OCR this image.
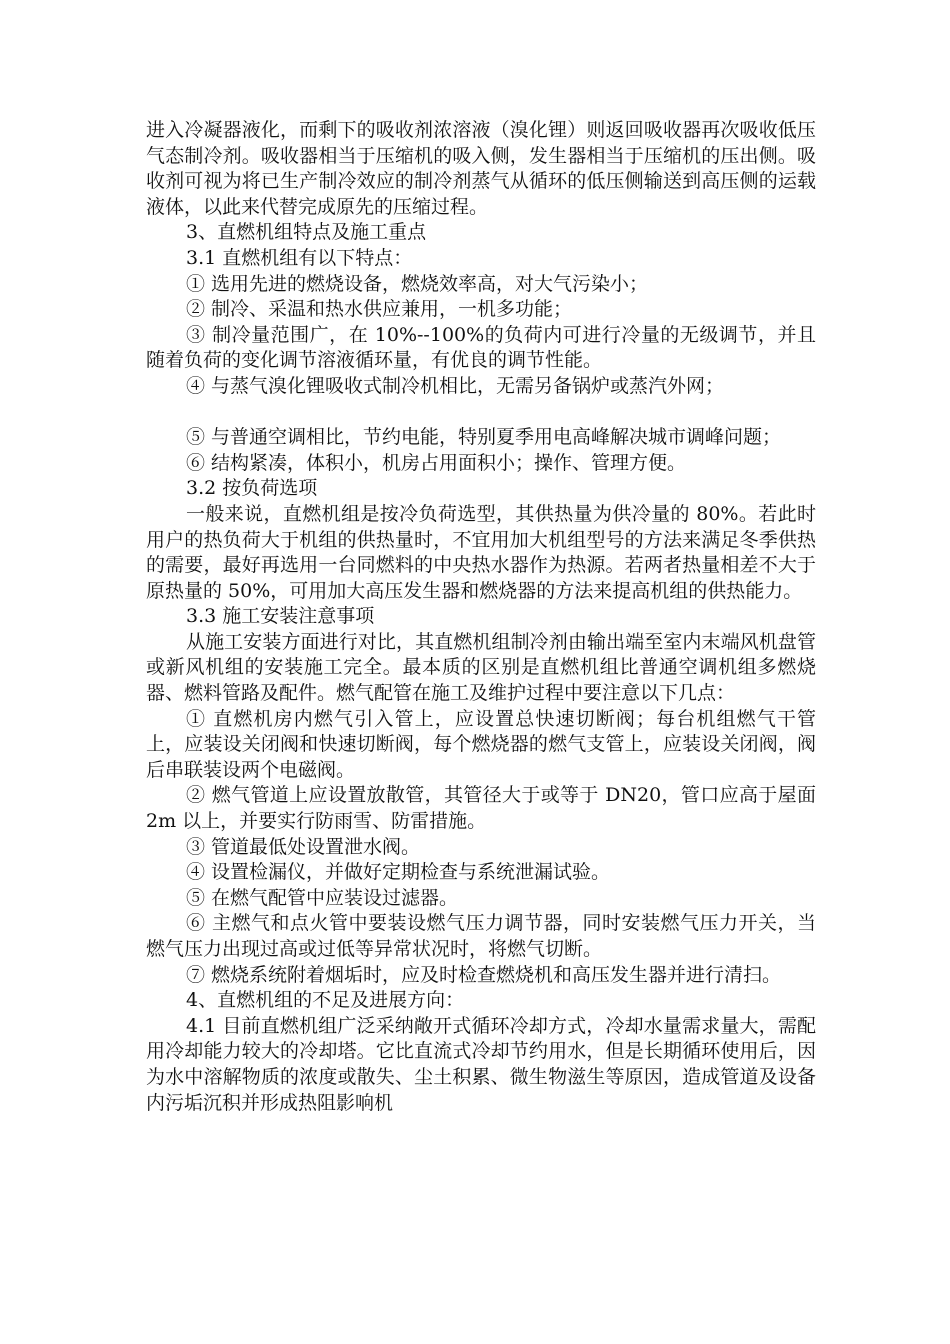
进入冷凝器液化，而剩下的吸收剂浓溶液（溴化锂）则返回吸收器再次吸收低压气态制冷剂。吸收器相当于压缩机的吸入侧，发生器相当于压缩机的压出侧。吸收剂可视为将已生产制冷效应的制冷剂蒸气从循环的低压侧输送到高压侧的运载液体，以此来代替完成原先的压缩过程。

3、直燃机组特点及施工重点

3.1 直燃机组有以下特点：

① 选用先进的燃烧设备，燃烧效率高，对大气污染小；

② 制冷、采温和热水供应兼用，一机多功能；

③ 制冷量范围广，在 10%--100%的负荷内可进行冷量的无级调节，并且随着负荷的变化调节溶液循环量，有优良的调节性能。

④ 与蒸气溴化锂吸收式制冷机相比，无需另备锅炉或蒸汽外网；

⑤ 与普通空调相比，节约电能，特别夏季用电高峰解决城市调峰问题；

⑥ 结构紧凑，体积小，机房占用面积小；操作、管理方便。

3.2 按负荷选项

一般来说，直燃机组是按冷负荷选型，其供热量为供冷量的 80%。若此时用户的热负荷大于机组的供热量时，不宜用加大机组型号的方法来满足冬季供热的需要，最好再选用一台同燃料的中央热水器作为热源。若两者热量相差不大于原热量的 50%，可用加大高压发生器和燃烧器的方法来提高机组的供热能力。

3.3 施工安装注意事项

从施工安装方面进行对比，其直燃机组制冷剂由输出端至室内末端风机盘管或新风机组的安装施工完全。最本质的区别是直燃机组比普通空调机组多燃烧器、燃料管路及配件。燃气配管在施工及维护过程中要注意以下几点：

① 直燃机房内燃气引入管上，应设置总快速切断阀；每台机组燃气干管上，应装设关闭阀和快速切断阀，每个燃烧器的燃气支管上，应装设关闭阀，阀后串联装设两个电磁阀。

② 燃气管道上应设置放散管，其管径大于或等于 DN20，管口应高于屋面 2m 以上，并要实行防雨雪、防雷措施。

③ 管道最低处设置泄水阀。

④ 设置检漏仪，并做好定期检查与系统泄漏试验。

⑤ 在燃气配管中应装设过滤器。

⑥ 主燃气和点火管中要装设燃气压力调节器，同时安装燃气压力开关，当燃气压力出现过高或过低等异常状况时，将燃气切断。

⑦ 燃烧系统附着烟垢时，应及时检查燃烧机和高压发生器并进行清扫。

4、直燃机组的不足及进展方向：

4.1 目前直燃机组广泛采纳敞开式循环冷却方式，冷却水量需求量大，需配用冷却能力较大的冷却塔。它比直流式冷却节约用水，但是长期循环使用后，因为水中溶解物质的浓度或散失、尘土积累、微生物滋生等原因，造成管道及设备内污垢沉积并形成热阻影响机
